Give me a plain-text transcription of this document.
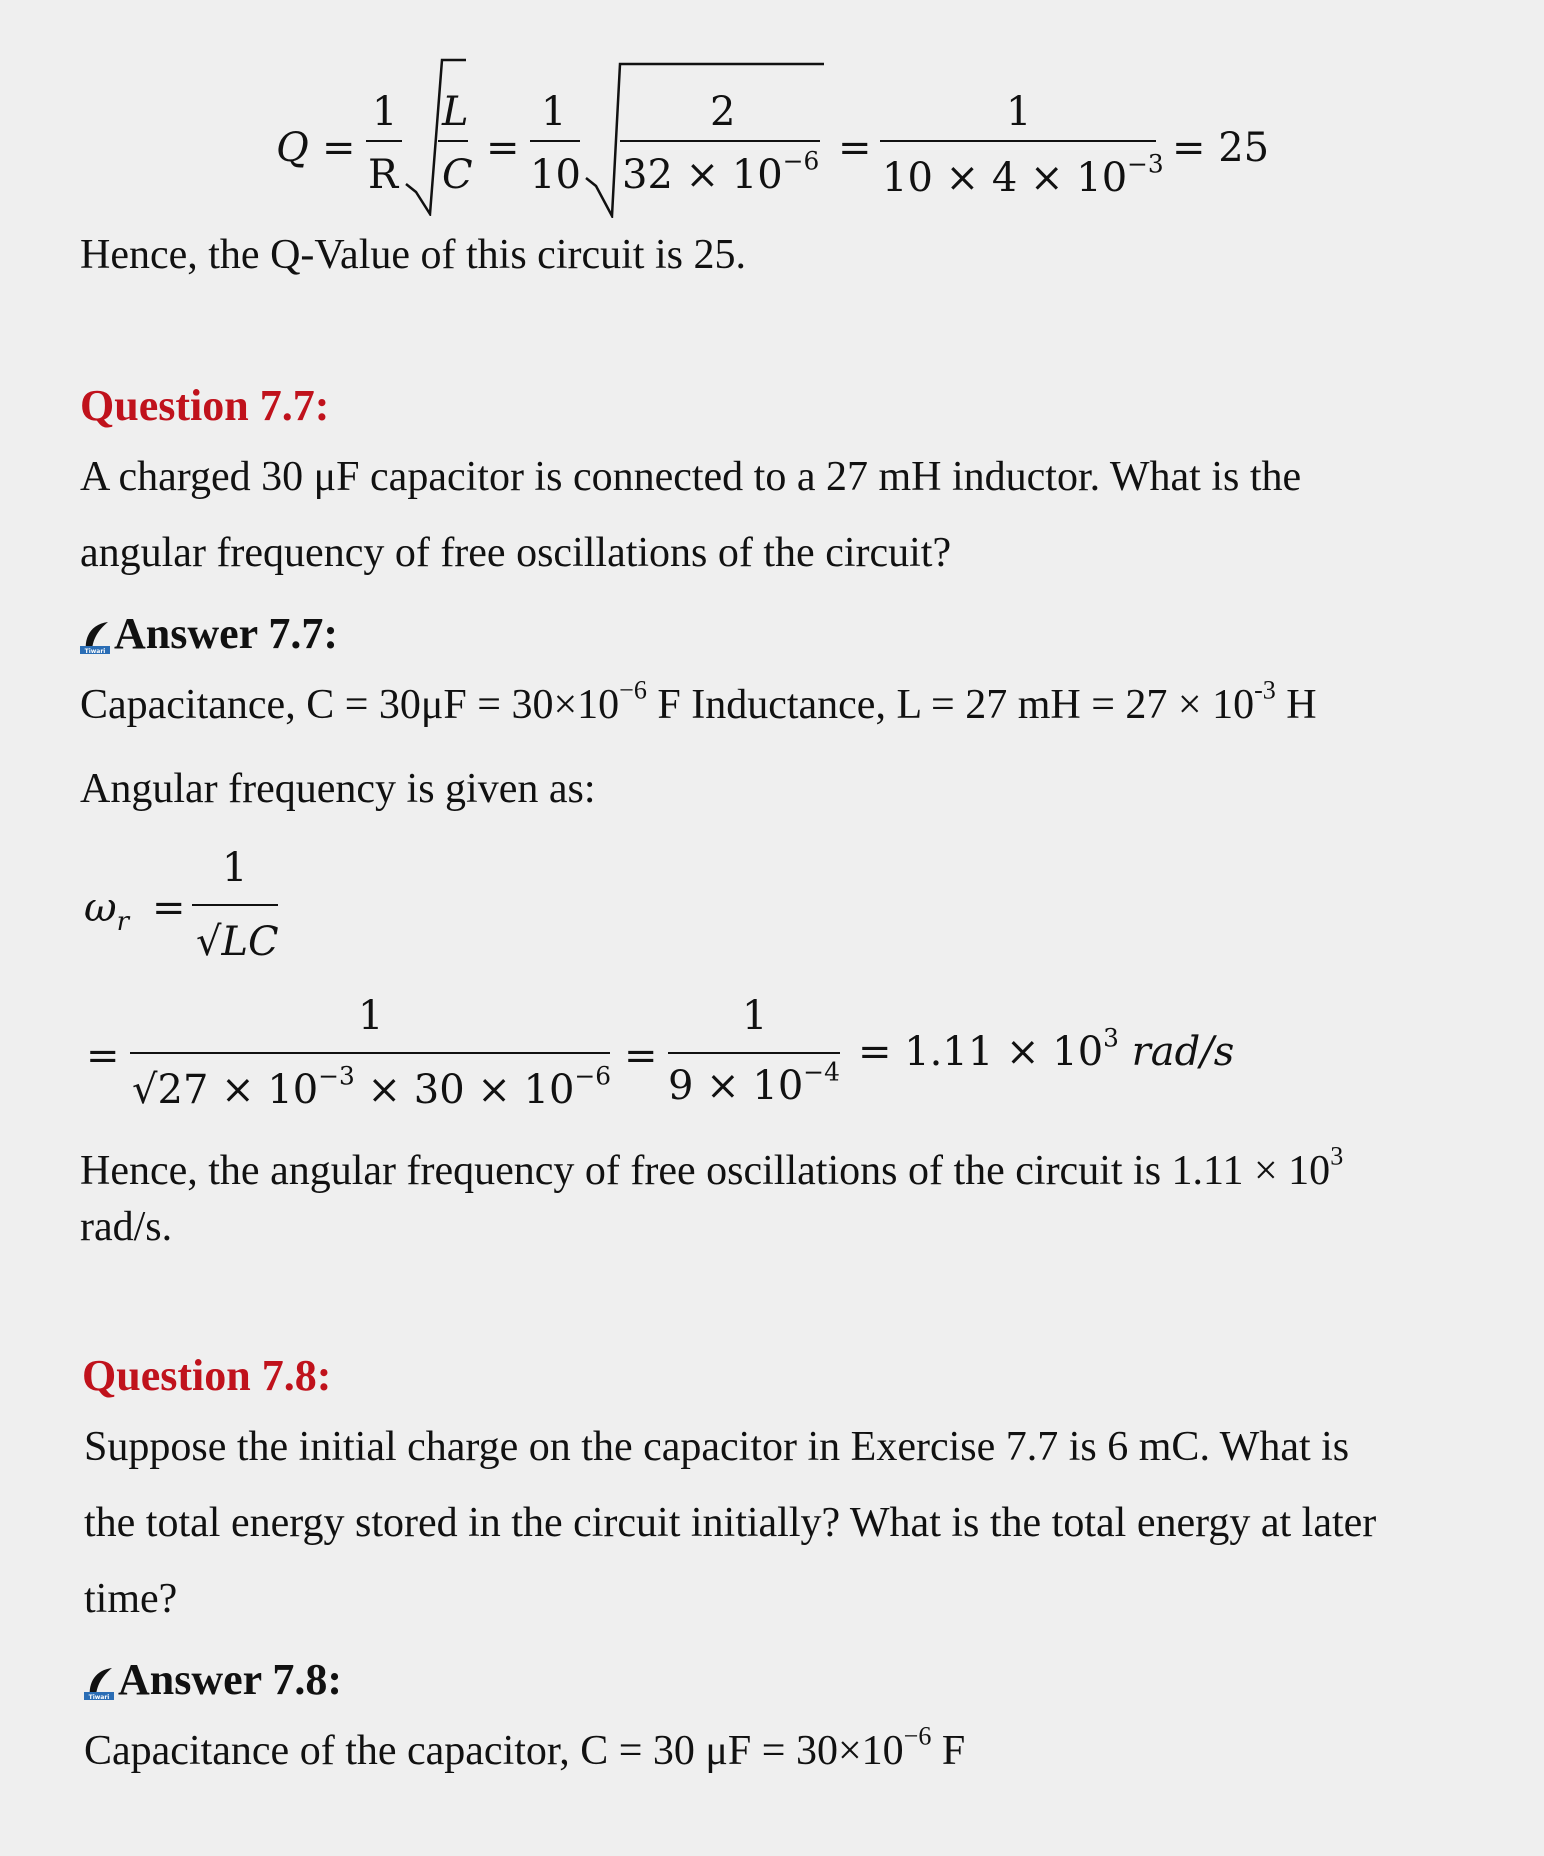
Q =
1
R
L
C
=
1
10
2
$32 \times 10^{-6}$ =
1
$10 \times 4 \times 10^{-3} = 25$
Hence, the Q-Value of this circuit is 25.
Question 7.7:
A charged 30 μF capacitor is connected to a 27 mH inductor. What is the
angular frequency of free oscillations of the circuit?
Tiwari Answer 7.7:
Capacitance, $C = 30\mu F = 30\times 10^{-6}$ F Inductance, L = 27 mH = $27 \times 10^{-3}$ H
Angular frequency is given as:
$\omega_r$ =
1
√LC
=
1
$√27 \times 10^{-3} \times 30 \times 10^{-6}$ =
1
$9 \times 10^{-4} = 1.11 \times 10^3$ rad/s
Hence, the angular frequency of free oscillations of the circuit is $1.11 \times 10^3$
rad/s.
Question 7.8:
Suppose the initial charge on the capacitor in Exercise 7.7 is 6 mC. What is
the total energy stored in the circuit initially? What is the total energy at later
time?
Tiwari Answer 7.8:
Capacitance of the capacitor, C = 30 $\mu F = 30\times 10^{-6}$ F
